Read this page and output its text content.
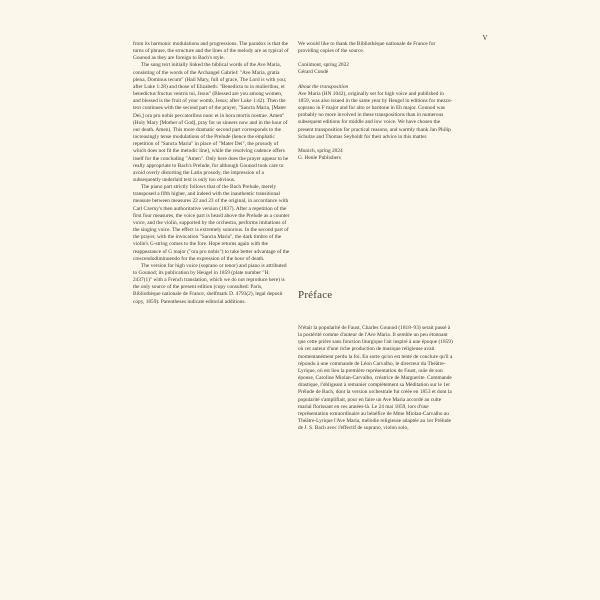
V

from its harmonic modulations and progressions. The paradox is that the turns of phrase, the structure and the lines of the melody are as typical of Gounod as they are foreign to Bach's style.

The sung text initially linked the biblical words of the Ave Maria, consisting of the words of the Archangel Gabriel: "Ave Maria, gratia plena, Dominus tecum" (Hail Mary, full of grace, The Lord is with you; after Luke 1:28) and those of Elizabeth: "Benedicta tu in mulieribus, et benedictus fructus ventris tui, Jesus" (Blessed are you among women, and blessed is the fruit of your womb, Jesus; after Luke 1:42). Then the text continues with the second part of the prayer, "Sancta Maria, [Mater Dei,] ora pro nobis peccatoribus nunc et in hora mortis nostrae. Amen" (Holy Mary [Mother of God], pray for us sinners now and in the hour of our death. Amen). This more dramatic second part corresponds to the increasingly tense modulations of the Prelude (hence the emphatic repetition of "Sancta Maria" in place of "Mater Dei", the prosody of which does not fit the melodic line), while the resolving cadence offers itself for the concluding "Amen". Only here does the prayer appear to be really appropriate to Bach's Prelude, for although Gounod took care to avoid overly distorting the Latin prosody, the impression of a subsequently underlaid text is only too obvious.

The piano part strictly follows that of the Bach Prelude, merely transposed a fifth higher, and indeed with the inauthentic transitional measure between measures 22 and 23 of the original, in accordance with Carl Czerny's then authoritative version (1837). After a repetition of the first four measures, the voice part is heard above the Prelude as a counter voice, and the violin, supported by the orchestra, performs imitations of the singing voice. The effect is extremely sonorous. In the second part of the prayer, with the invocation "Sancta Maria", the dark timbre of the violin's G-string comes to the fore. Hope returns again with the reappearance of G major ("ora pro nobis") to take better advantage of the crescendodiminuendo for the expression of the hour of death.

The version for high voice (soprano or tenor) and piano is attributed to Gounod; its publication by Heugel in 1859 (plate number "H. 2437(1)" with a French translation, which we do not reproduce here) is the only source of the present edition (copy consulted: Paris, Bibliothèque nationale de France, shelfmark D. 4793(2), legal deposit copy, 1859). Parentheses indicate editorial additions.

We would like to thank the Bibliothèque nationale de France for providing copies of the source.

Coniimont, spring 2022

Gérard Condé

About the transposition

Ave Maria (HN 1042), originally set for high voice and published in 1859, was also issued in the same year by Heugel in editions for mezzo-soprano in F major and for alto or baritone in Eb major. Gounod was probably no more involved in these transpositions than in numerous subsequent editions for middle and low voice. We have chosen the present transposition for practical reasons, and warmly thank Jan Philip Schulze and Thomas Seyboldt for their advice in this matter.

Munich, spring 2024

G. Henle Publishers

Préface

N'était la popularité de Faust, Charles Gounod (1818–93) serait passé à la postérité comme d'auteur de l'Ave Maria. Il semble un peu étonnant que cette prière sans fonction liturgique l'ait inspiré à une époque (1859) où cet auteur d'une riche production de musique religieuse avait momentanément perdu la foi. En sorte qu'on est tenté de conclure qu'il a répondu à une commande de Léon Carvalho, le directeur du Théâtre-Lyrique, où est lieu la première représentation de Faust, ouïe de son épouse, Caroline Miolan-Carvalho, créatrice de Marguerite. Commande drastique, l'obligeant à remanier complètement sa Méditation sur le 1er Prélude de Bach, dont la version orchestrale fut créée en 1853 et dont la popularité s'amplifiait, pour en faire un Ave Maria accordé au culte marial florissant en ces années-là. Le 24 mai 1859, lors d'une représentation extraordinaire au bénéfice de Mme Miolan-Carvalho au Théâtre-Lyrique l'Ave Maria, mélodie religieuse adaptée au 1er Prélude de J. S. Bach avec l'effectif de soprano, violon solo,
